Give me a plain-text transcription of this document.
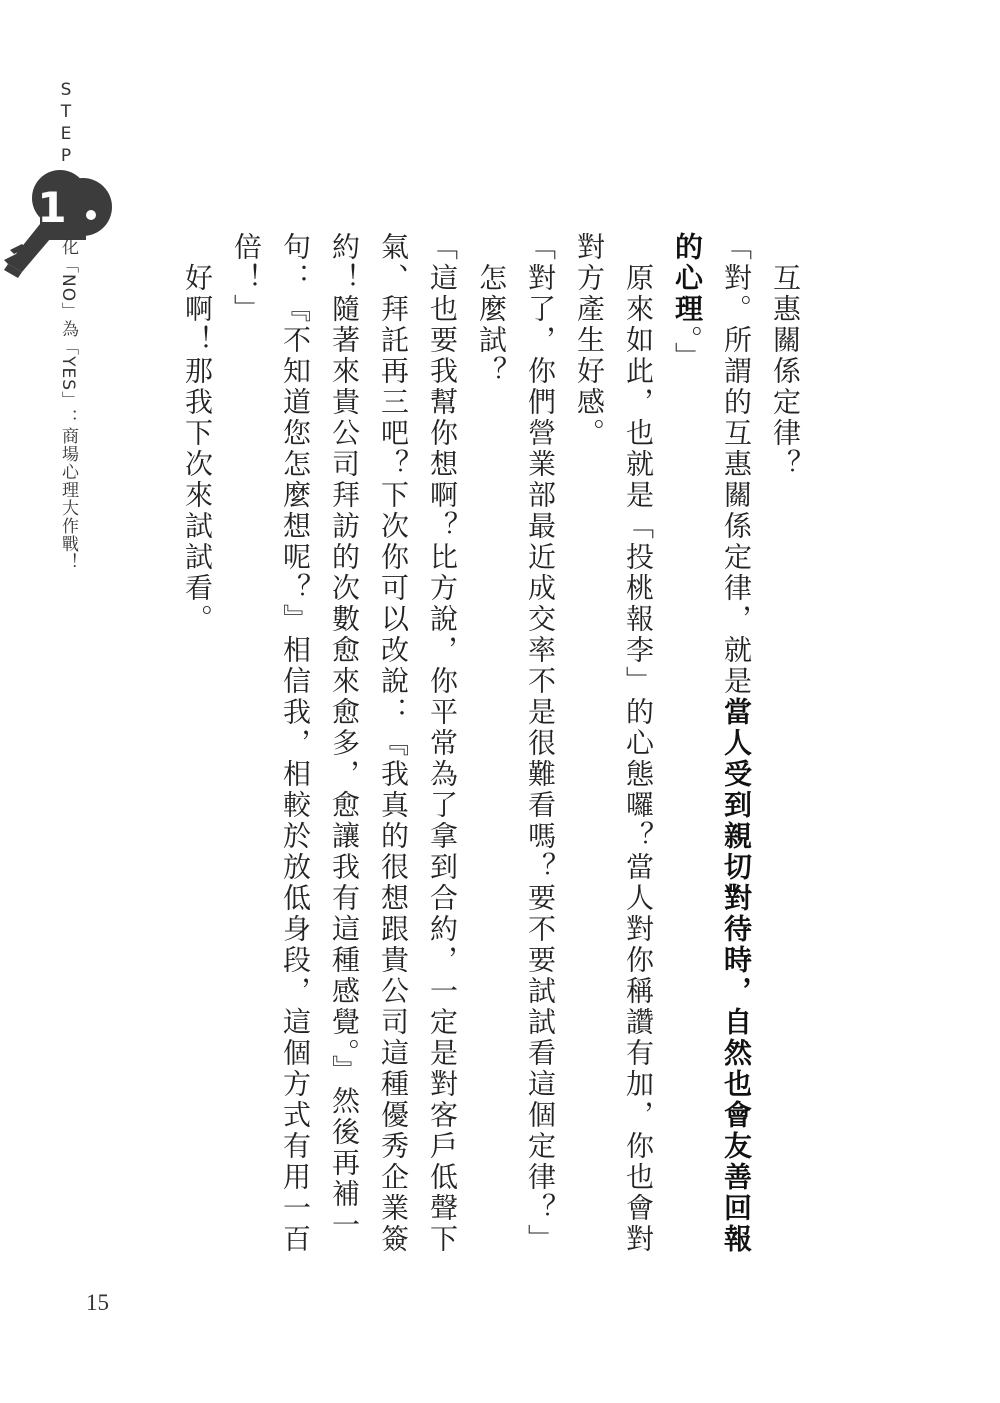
STEP
1
化「NO」為「YES」：商場心理大作戰！	互惠關係定律？

「對。所謂的互惠關係定律，就是當人受到親切對待時，自然也會友善回報的心理。」

原來如此，也就是「投桃報李」的心態囉？當人對你稱讚有加，你也會對對方產生好感。

「對了，你們營業部最近成交率不是很難看嗎？要不要試試看這個定律？」

怎麼試？

「這也要我幫你想啊？比方說，你平常為了拿到合約，一定是對客戶低聲下氣、拜託再三吧？下次你可以改說：『我真的很想跟貴公司這種優秀企業簽約！隨著來貴公司拜訪的次數愈來愈多，愈讓我有這種感覺。』然後再補一句：『不知道您怎麼想呢？』相信我，相較於放低身段，這個方式有用一百倍！」

好啊！那我下次來試試看。

15
